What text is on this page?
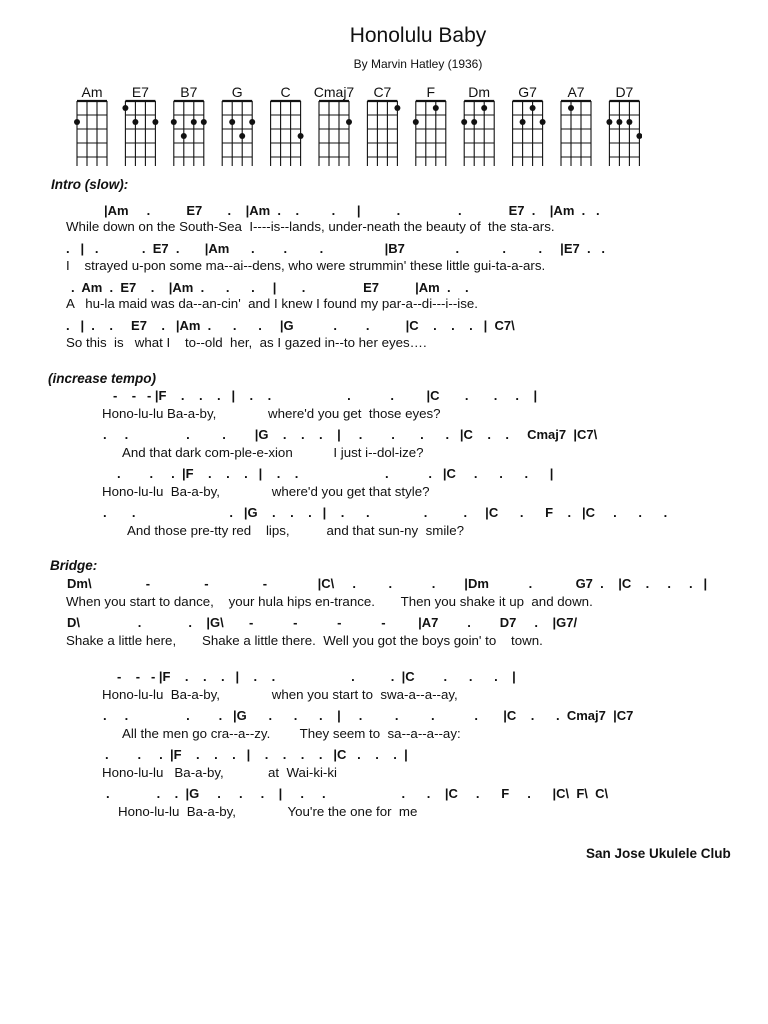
Honolulu Baby
By Marvin Hatley (1936)
Am E7 B7 G	C Cmaj7 C7	F Dm G7 A7 D7
Intro (slow):
|Am     .          E7       .    |Am  .    .         .      |          .                .             E7  .    |Am  .   .
While down on the South-Sea  I----is--lands, under-neath the beauty of  the sta-ars.
.   |   .            .  E7  .       |Am      .        .         .                 |B7              .            .         .     |E7  .   .
I    strayed u-pon some ma--ai--dens, who were strummin' these little gui-ta-a-ars.
.  Am  .  E7    .    |Am  .      .      .     |       .                E7          |Am  .    .
A   hu-la maid was da--an-cin'  and I knew I found my par-a--di---i--ise.
.   |  .    .     E7    .   |Am  .      .      .     |G           .        .          |C    .    .    .   |  C7\
So this  is   what I    to--old  her,  as I gazed in--to her eyes….
(increase tempo)
-    -   - |F    .    .    .   |    .    .                     .           .         |C       .       .     .    |
Hono-lu-lu Ba-a-by,              where'd you get  those eyes?
.     .                .         .        |G    .    .    .    |     .        .       .      .   |C    .    .     Cmaj7  |C7\
And that dark com-ple-e-xion           I just i--dol-ize?
.        .     .  |F    .    .    .   |    .    .                        .           .   |C     .      .      .      |
Hono-lu-lu  Ba-a-by,              where'd you get that style?
.       .                          .   |G    .    .    .   |    .      .               .          .     |C      .      F    .   |C     .      .      .
And those pre-tty red    lips,          and that sun-ny  smile?
Bridge:
Dm\               -               -               -              |C\     .         .           .        |Dm           .            G7  .    |C    .     .     .   |
When you start to dance,    your hula hips en-trance.       Then you shake it up  and down.
D\                .             .    |G\       -           -           -           -         |A7        .        D7     .    |G7/
Shake a little here,       Shake a little there.  Well you got the boys goin' to    town.
-    -   - |F    .    .    .   |    .    .                     .          .  |C        .      .      .    |
Hono-lu-lu  Ba-a-by,              when you start to  swa-a--a--ay,
.     .                .        .   |G      .      .      .    |     .         .         .           .       |C    .      .  Cmaj7  |C7
All the men go cra--a--zy.        They seem to  sa--a--a--ay:
.        .     .  |F    .    .    .   |    .    .    .    .   |C   .    .    .  |
Hono-lu-lu   Ba-a-by,            at  Wai-ki-ki
.             .    .  |G     .     .     .    |     .     .                     .      .    |C     .      F     .      |C\  F\  C\
Hono-lu-lu  Ba-a-by,              You're the one for  me
San Jose Ukulele Club
